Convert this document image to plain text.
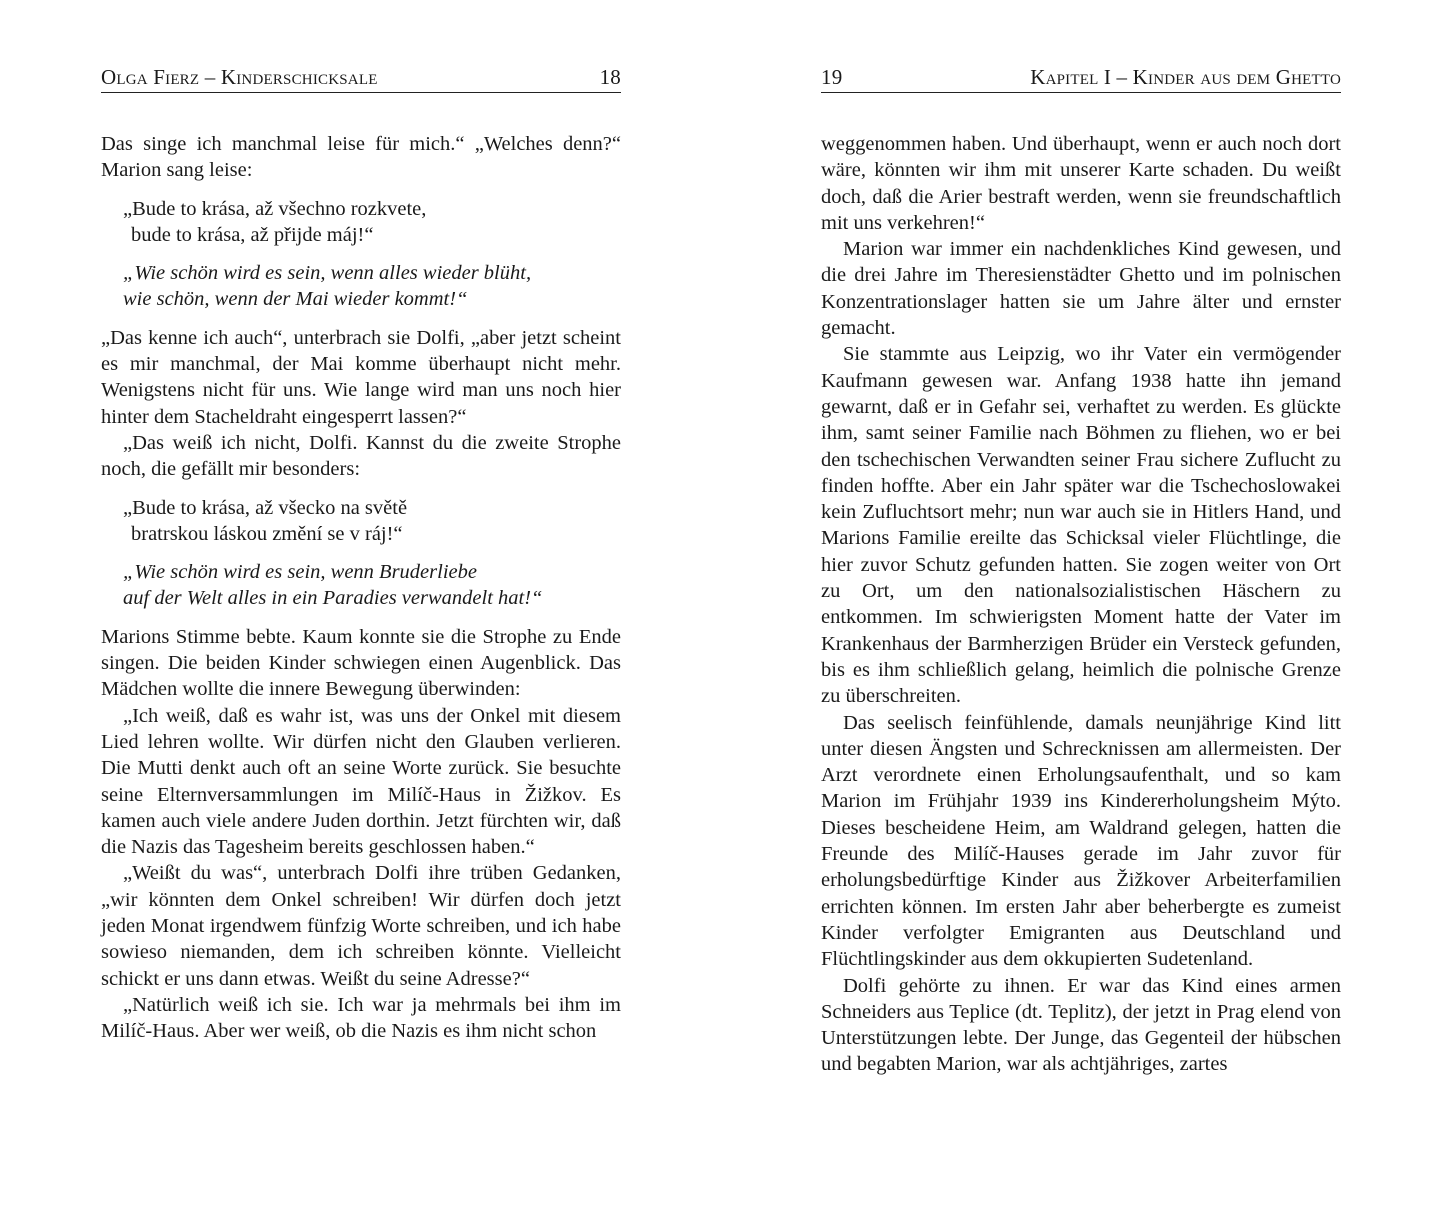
Olga Fierz – Kinderschicksale	18

Das singe ich manchmal leise für mich.“ „Welches denn?“ Marion sang leise:

„Bude to krása, až všechno rozkvete,
bude to krása, až přijde máj!“
„Wie schön wird es sein, wenn alles wieder blüht,
wie schön, wenn der Mai wieder kommt!“

„Das kenne ich auch“, unterbrach sie Dolfi, „aber jetzt scheint es mir manchmal, der Mai komme überhaupt nicht mehr. Wenigstens nicht für uns. Wie lange wird man uns noch hier hinter dem Stacheldraht eingesperrt lassen?“

„Das weiß ich nicht, Dolfi. Kannst du die zweite Strophe noch, die gefällt mir besonders:

„Bude to krása, až všecko na světě
bratrskou láskou změní se v ráj!“
„Wie schön wird es sein, wenn Bruderliebe
auf der Welt alles in ein Paradies verwandelt hat!“

Marions Stimme bebte. Kaum konnte sie die Strophe zu Ende singen. Die beiden Kinder schwiegen einen Augenblick. Das Mädchen wollte die innere Bewegung überwinden:

„Ich weiß, daß es wahr ist, was uns der Onkel mit diesem Lied lehren wollte. Wir dürfen nicht den Glauben verlieren. Die Mutti denkt auch oft an seine Worte zurück. Sie besuchte seine Elternversammlungen im Milíč-Haus in Žižkov. Es kamen auch viele andere Juden dorthin. Jetzt fürchten wir, daß die Nazis das Tagesheim bereits geschlossen haben.“

„Weißt du was“, unterbrach Dolfi ihre trüben Gedanken, „wir könnten dem Onkel schreiben! Wir dürfen doch jetzt jeden Monat irgendwem fünfzig Worte schreiben, und ich habe sowieso niemanden, dem ich schreiben könnte. Vielleicht schickt er uns dann etwas. Weißt du seine Adresse?“

„Natürlich weiß ich sie. Ich war ja mehrmals bei ihm im Milíč-Haus. Aber wer weiß, ob die Nazis es ihm nicht schon

19	Kapitel I – Kinder aus dem Ghetto

weggenommen haben. Und überhaupt, wenn er auch noch dort wäre, könnten wir ihm mit unserer Karte schaden. Du weißt doch, daß die Arier bestraft werden, wenn sie freundschaftlich mit uns verkehren!“

Marion war immer ein nachdenkliches Kind gewesen, und die drei Jahre im Theresienstädter Ghetto und im polnischen Konzentrationslager hatten sie um Jahre älter und ernster gemacht.

Sie stammte aus Leipzig, wo ihr Vater ein vermögender Kaufmann gewesen war. Anfang 1938 hatte ihn jemand gewarnt, daß er in Gefahr sei, verhaftet zu werden. Es glückte ihm, samt seiner Familie nach Böhmen zu fliehen, wo er bei den tschechischen Verwandten seiner Frau sichere Zuflucht zu finden hoffte. Aber ein Jahr später war die Tschechoslowakei kein Zufluchtsort mehr; nun war auch sie in Hitlers Hand, und Marions Familie ereilte das Schicksal vieler Flüchtlinge, die hier zuvor Schutz gefunden hatten. Sie zogen weiter von Ort zu Ort, um den nationalsozialistischen Häschern zu entkommen. Im schwierigsten Moment hatte der Vater im Krankenhaus der Barmherzigen Brüder ein Versteck gefunden, bis es ihm schließlich gelang, heimlich die polnische Grenze zu überschreiten.

Das seelisch feinfühlende, damals neunjährige Kind litt unter diesen Ängsten und Schrecknissen am allermeisten. Der Arzt verordnete einen Erholungsaufenthalt, und so kam Marion im Frühjahr 1939 ins Kindererholungsheim Mýto. Dieses bescheidene Heim, am Waldrand gelegen, hatten die Freunde des Milíč-Hauses gerade im Jahr zuvor für erholungsbedürftige Kinder aus Žižkover Arbeiterfamilien errichten können. Im ersten Jahr aber beherbergte es zumeist Kinder verfolgter Emigranten aus Deutschland und Flüchtlingskinder aus dem okkupierten Sudetenland.

Dolfi gehörte zu ihnen. Er war das Kind eines armen Schneiders aus Teplice (dt. Teplitz), der jetzt in Prag elend von Unterstützungen lebte. Der Junge, das Gegenteil der hübschen und begabten Marion, war als achtjähriges, zartes
